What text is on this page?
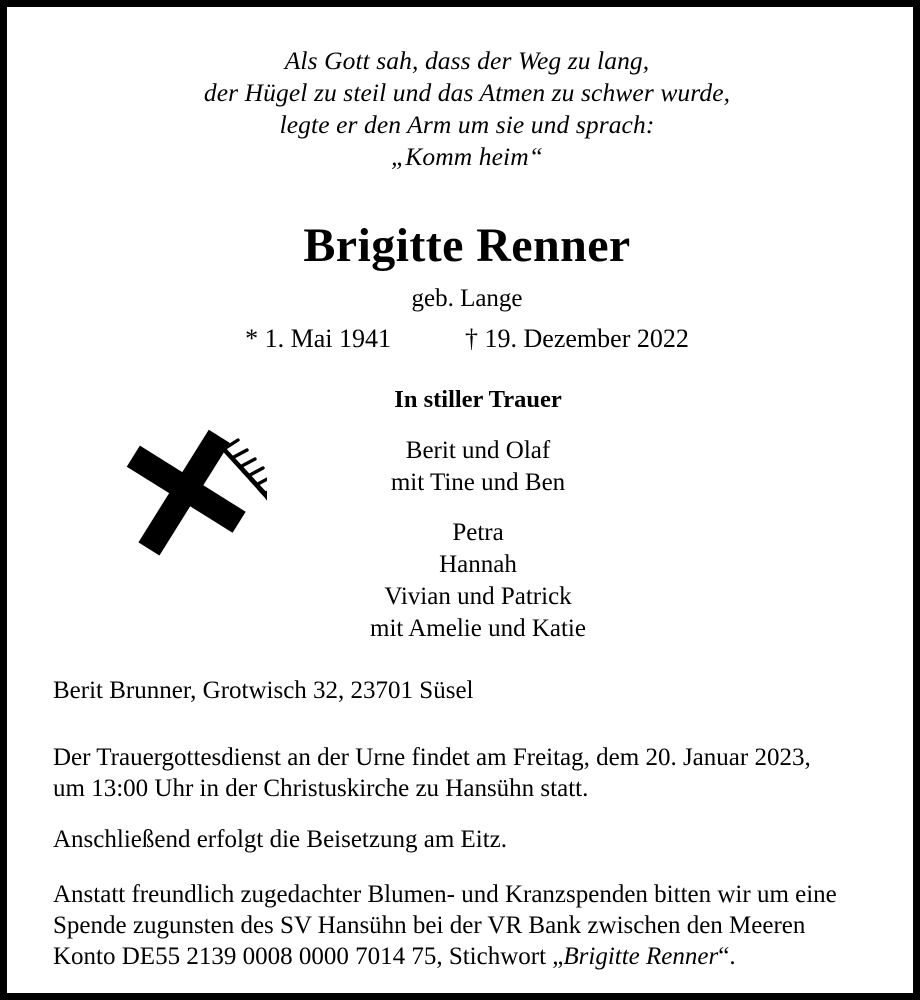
Als Gott sah, dass der Weg zu lang,
der Hügel zu steil und das Atmen zu schwer wurde,
legte er den Arm um sie und sprach:
„Komm heim“
Brigitte Renner
geb. Lange
* 1. Mai 1941	† 19. Dezember 2022
In stiller Trauer
Berit und Olaf
mit Tine und Ben
Petra
Hannah
Vivian und Patrick
mit Amelie und Katie
Berit Brunner, Grotwisch 32, 23701 Süsel
Der Trauergottesdienst an der Urne findet am Freitag, dem 20. Januar 2023,
um 13:00 Uhr in der Christuskirche zu Hansühn statt.
Anschließend erfolgt die Beisetzung am Eitz.
Anstatt freundlich zugedachter Blumen- und Kranzspenden bitten wir um eine
Spende zugunsten des SV Hansühn bei der VR Bank zwischen den Meeren
Konto DE55 2139 0008 0000 7014 75, Stichwort „Brigitte Renner“.
